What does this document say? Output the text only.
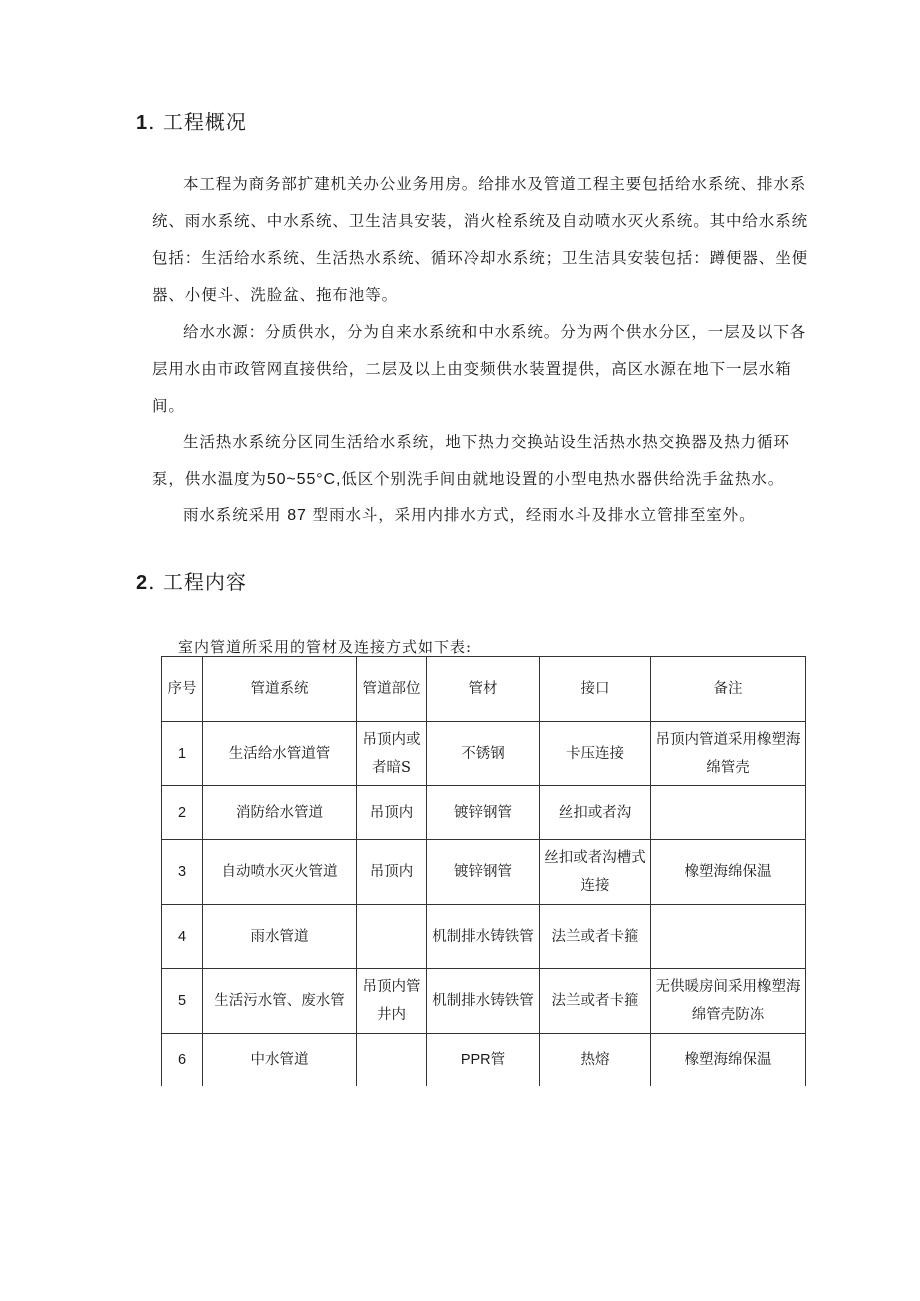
1. 工程概况

本工程为商务部扩建机关办公业务用房。给排水及管道工程主要包括给水系统、排水系统、雨水系统、中水系统、卫生洁具安装，消火栓系统及自动喷水灭火系统。其中给水系统包括：生活给水系统、生活热水系统、循环冷却水系统；卫生洁具安装包括：蹲便器、坐便器、小便斗、洗脸盆、拖布池等。

给水水源：分质供水，分为自来水系统和中水系统。分为两个供水分区，一层及以下各层用水由市政管网直接供给，二层及以上由变频供水装置提供，高区水源在地下一层水箱间。

生活热水系统分区同生活给水系统，地下热力交换站设生活热水热交换器及热力循环泵，供水温度为50~55°C,低区个别洗手间由就地设置的小型电热水器供给洗手盆热水。

雨水系统采用 87 型雨水斗，采用内排水方式，经雨水斗及排水立管排至室外。

2. 工程内容
室内管道所采用的管材及连接方式如下表:
序号	管道系统	管道部位	管材	接口	备注
1	生活给水管道管	吊顶内或者暗S	不锈钢	卡压连接	吊顶内管道采用橡塑海绵管壳
2	消防给水管道	吊顶内	镀锌钢管	丝扣或者沟	
3	自动喷水灭火管道	吊顶内	镀锌钢管	丝扣或者沟槽式连接	橡塑海绵保温
4	雨水管道		机制排水铸铁管	法兰或者卡箍	
5	生活污水管、废水管	吊顶内管井内	机制排水铸铁管	法兰或者卡箍	无供暖房间采用橡塑海绵管壳防冻
6	中水管道		PPR管	热熔	橡塑海绵保温
